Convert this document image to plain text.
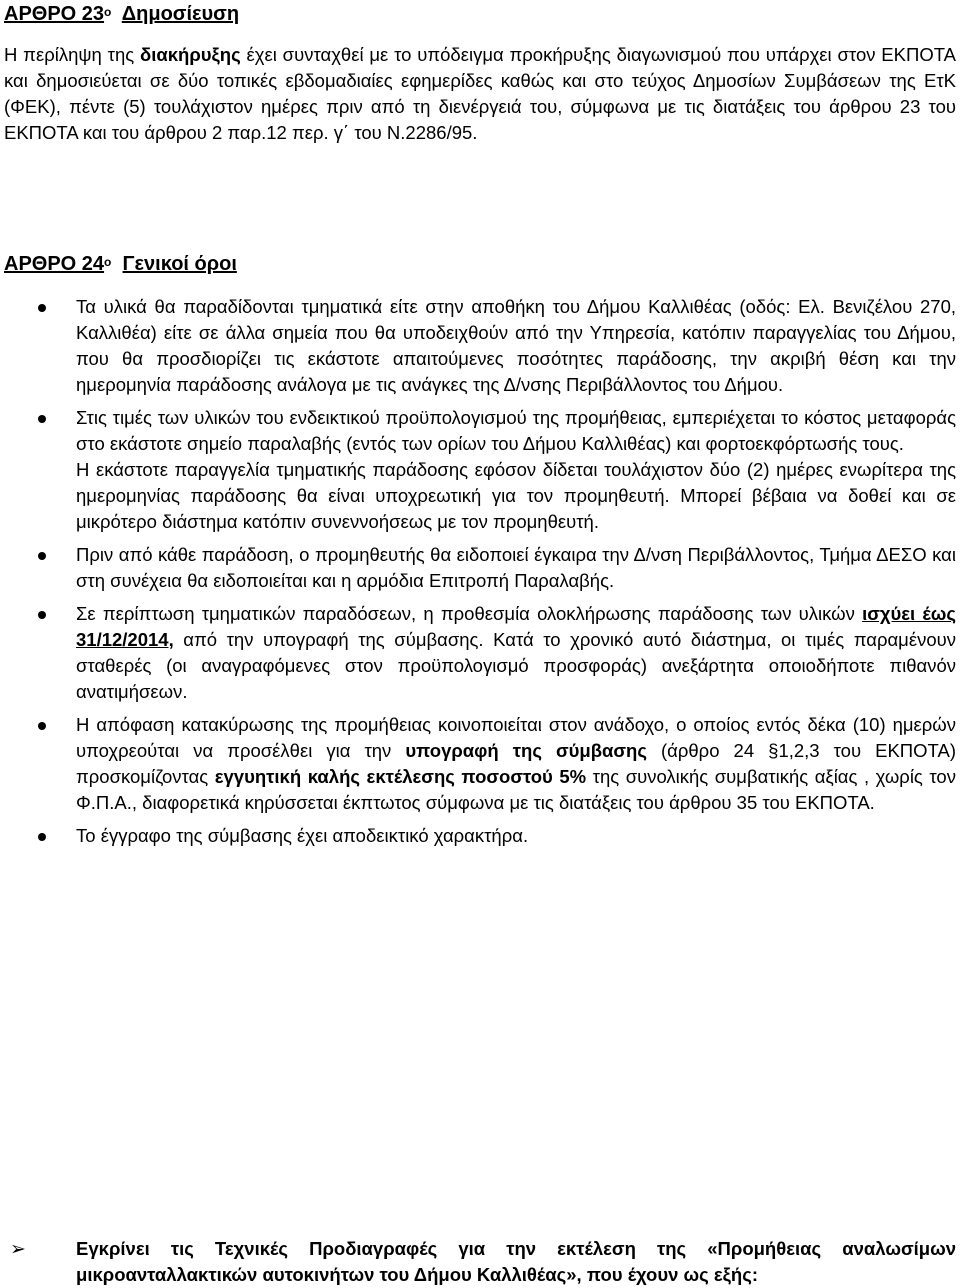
ΑΡΘΡΟ $23^o$ Δημοσίευση
Η περίληψη της διακήρυξης έχει συνταχθεί με το υπόδειγμα προκήρυξης διαγωνισμού που υπάρχει στον ΕΚΠΟΤΑ και δημοσιεύεται σε δύο τοπικές εβδομαδιαίες εφημερίδες καθώς και στο τεύχος Δημοσίων Συμβάσεων της ΕτΚ (ΦΕΚ), πέντε (5) τουλάχιστον ημέρες πριν από τη διενέργειά του, σύμφωνα με τις διατάξεις του άρθρου 23 του ΕΚΠΟΤΑ και του άρθρου 2 παρ.12 περ. γ΄ του Ν.2286/95.
ΑΡΘΡΟ $24^o$ Γενικοί όροι
Τα υλικά θα παραδίδονται τμηματικά είτε στην αποθήκη του Δήμου Καλλιθέας (οδός: Ελ. Βενιζέλου 270, Καλλιθέα) είτε σε άλλα σημεία που θα υποδειχθούν από την Υπηρεσία, κατόπιν παραγγελίας του Δήμου, που θα προσδιορίζει τις εκάστοτε απαιτούμενες ποσότητες παράδοσης, την ακριβή θέση και την ημερομηνία παράδοσης ανάλογα με τις ανάγκες της Δ/νσης Περιβάλλοντος του Δήμου.
Στις τιμές των υλικών του ενδεικτικού προϋπολογισμού της προμήθειας, εμπεριέχεται το κόστος μεταφοράς στο εκάστοτε σημείο παραλαβής (εντός των ορίων του Δήμου Καλλιθέας) και φορτοεκφόρτωσής τους.
Η εκάστοτε παραγγελία τμηματικής παράδοσης εφόσον δίδεται τουλάχιστον δύο (2) ημέρες ενωρίτερα της ημερομηνίας παράδοσης θα είναι υποχρεωτική για τον προμηθευτή. Μπορεί βέβαια να δοθεί και σε μικρότερο διάστημα κατόπιν συνεννοήσεως με τον προμηθευτή.
Πριν από κάθε παράδοση, ο προμηθευτής θα ειδοποιεί έγκαιρα την Δ/νση Περιβάλλοντος, Τμήμα ΔΕΣΟ και στη συνέχεια θα ειδοποιείται και η αρμόδια Επιτροπή Παραλαβής.
Σε περίπτωση τμηματικών παραδόσεων, η προθεσμία ολοκλήρωσης παράδοσης των υλικών ισχύει έως 31/12/2014, από την υπογραφή της σύμβασης. Κατά το χρονικό αυτό διάστημα, οι τιμές παραμένουν σταθερές (οι αναγραφόμενες στον προϋπολογισμό προσφοράς) ανεξάρτητα οποιοδήποτε πιθανόν ανατιμήσεων.
Η απόφαση κατακύρωσης της προμήθειας κοινοποιείται στον ανάδοχο, ο οποίος εντός δέκα (10) ημερών υποχρεούται να προσέλθει για την υπογραφή της σύμβασης (άρθρο 24 §1,2,3 του ΕΚΠΟΤΑ) προσκομίζοντας εγγυητική καλής εκτέλεσης ποσοστού 5% της συνολικής συμβατικής αξίας , χωρίς τον Φ.Π.Α., διαφορετικά κηρύσσεται έκπτωτος σύμφωνα με τις διατάξεις του άρθρου 35 του ΕΚΠΟΤΑ.
Το έγγραφο της σύμβασης έχει αποδεικτικό χαρακτήρα.
➢	Εγκρίνει τις Τεχνικές Προδιαγραφές για την εκτέλεση της «Προμήθειας αναλωσίμων μικροανταλλακτικών αυτοκινήτων του Δήμου Καλλιθέας», που έχουν ως εξής:
